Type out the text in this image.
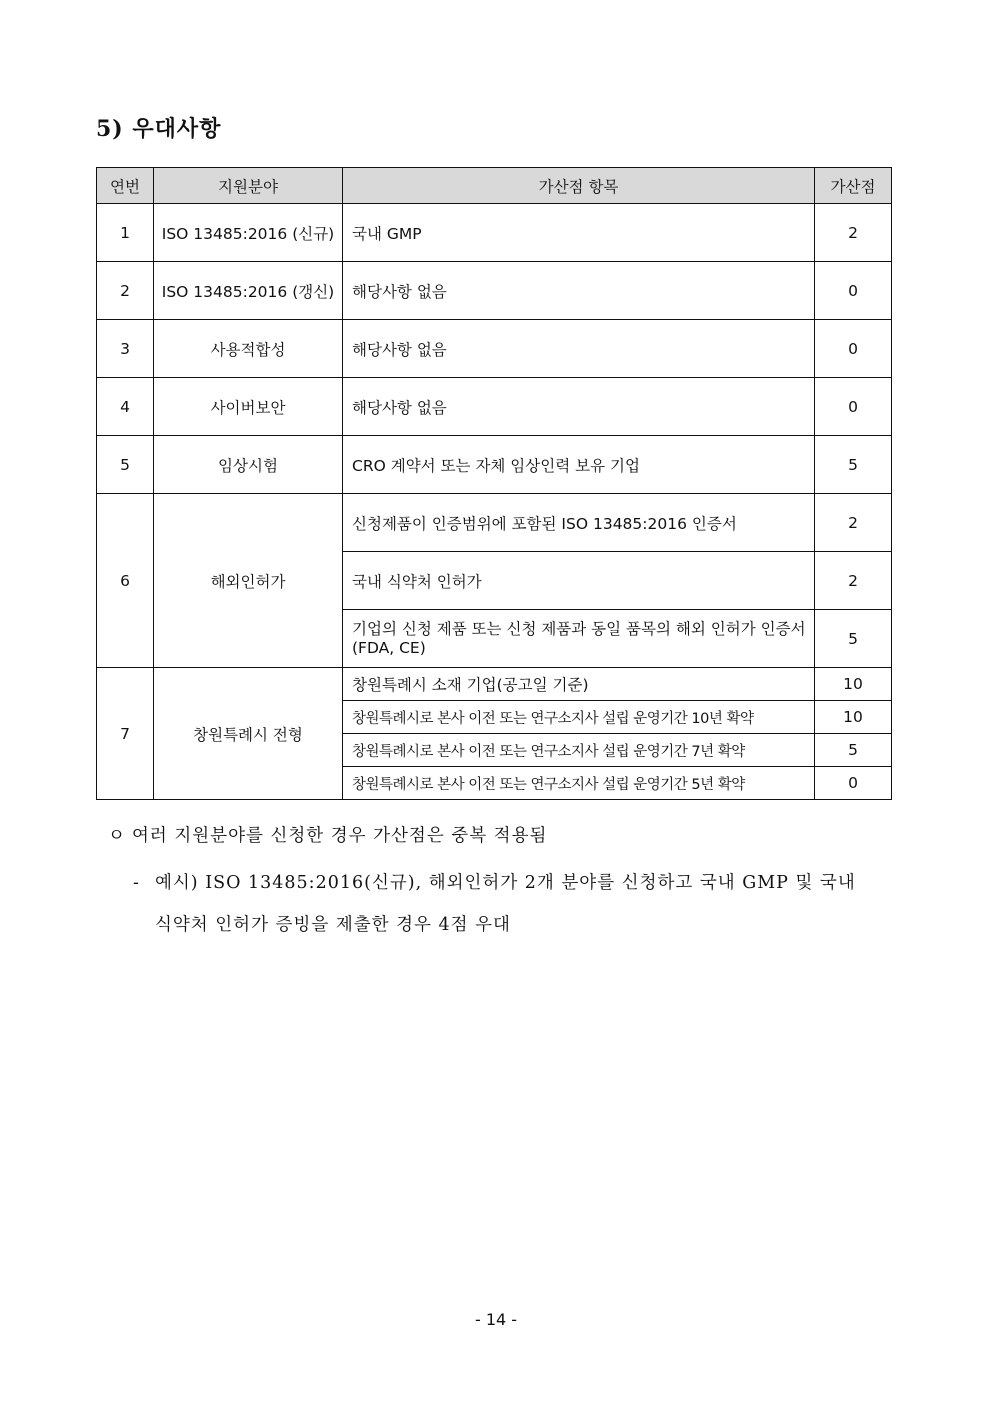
5) 우대사항
연번	지원분야	가산점 항목	가산점
1	ISO 13485:2016 (신규)	국내 GMP	2
2	ISO 13485:2016 (갱신)	해당사항 없음	0
3	사용적합성	해당사항 없음	0
4	사이버보안	해당사항 없음	0
5	임상시험	CRO 계약서 또는 자체 임상인력 보유 기업	5
6	해외인허가	신청제품이 인증범위에 포함된 ISO 13485:2016 인증서	2
		국내 식약처 인허가	2
		기업의 신청 제품 또는 신청 제품과 동일 품목의 해외 인허가 인증서(FDA, CE)	5
7	창원특례시 전형	창원특례시 소재 기업(공고일 기준)	10
		창원특례시로 본사 이전 또는 연구소지사 설립 운영기간 10년 확약	10
		창원특례시로 본사 이전 또는 연구소지사 설립 운영기간 7년 확약	5
		창원특례시로 본사 이전 또는 연구소지사 설립 운영기간 5년 확약	0
ㅇ 여러 지원분야를 신청한 경우 가산점은 중복 적용됨
- 예시) ISO 13485:2016(신규), 해외인허가 2개 분야를 신청하고 국내 GMP 및 국내
식약처 인허가 증빙을 제출한 경우 4점 우대
- 14 -
